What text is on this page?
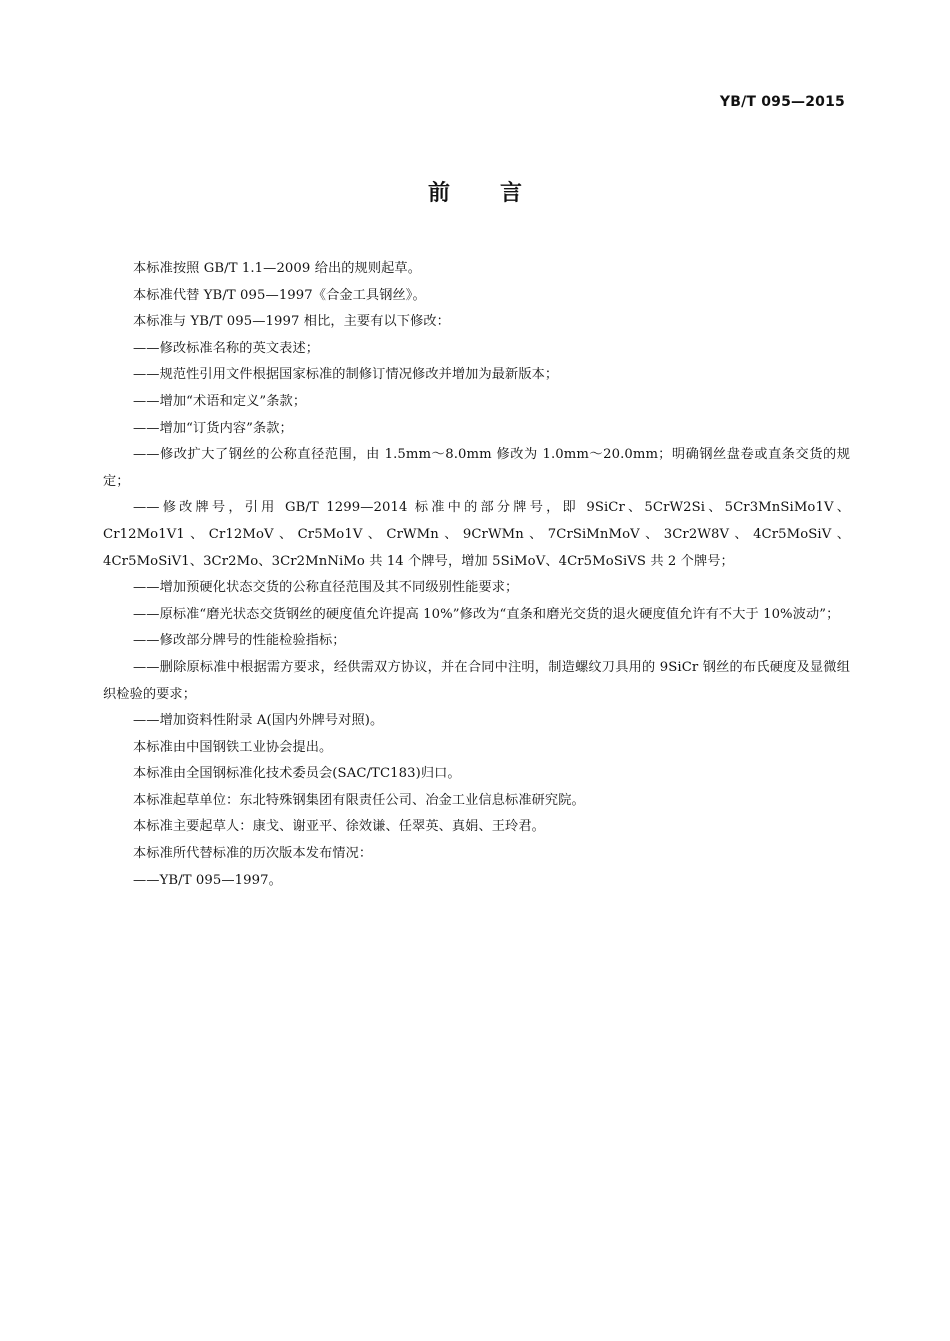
YB/T 095—2015
前言

本标准按照 GB/T 1.1—2009 给出的规则起草。

本标准代替 YB/T 095—1997《合金工具钢丝》。

本标准与 YB/T 095—1997 相比，主要有以下修改：

——修改标准名称的英文表述；

——规范性引用文件根据国家标准的制修订情况修改并增加为最新版本；

——增加“术语和定义”条款；

——增加“订货内容”条款；

——修改扩大了钢丝的公称直径范围，由 1.5mm～8.0mm 修改为 1.0mm～20.0mm；明确钢丝盘卷或直条交货的规定；

——修改牌号，引用 GB/T 1299—2014 标准中的部分牌号，即 9SiCr、5CrW2Si、5Cr3MnSiMo1V、Cr12Mo1V1、Cr12MoV、Cr5Mo1V、CrWMn、9CrWMn、7CrSiMnMoV、3Cr2W8V、4Cr5MoSiV、4Cr5MoSiV1、3Cr2Mo、3Cr2MnNiMo 共 14 个牌号，增加 5SiMoV、4Cr5MoSiVS 共 2 个牌号；

——增加预硬化状态交货的公称直径范围及其不同级别性能要求；

——原标准“磨光状态交货钢丝的硬度值允许提高 10%”修改为“直条和磨光交货的退火硬度值允许有不大于 10%波动”；

——修改部分牌号的性能检验指标；

——删除原标准中根据需方要求，经供需双方协议，并在合同中注明，制造螺纹刀具用的 9SiCr 钢丝的布氏硬度及显微组织检验的要求；

——增加资料性附录 A(国内外牌号对照)。

本标准由中国钢铁工业协会提出。

本标准由全国钢标准化技术委员会(SAC/TC183)归口。

本标准起草单位：东北特殊钢集团有限责任公司、冶金工业信息标准研究院。

本标准主要起草人：康戈、谢亚平、徐效谦、任翠英、真娟、王玲君。

本标准所代替标准的历次版本发布情况：

——YB/T 095—1997。
